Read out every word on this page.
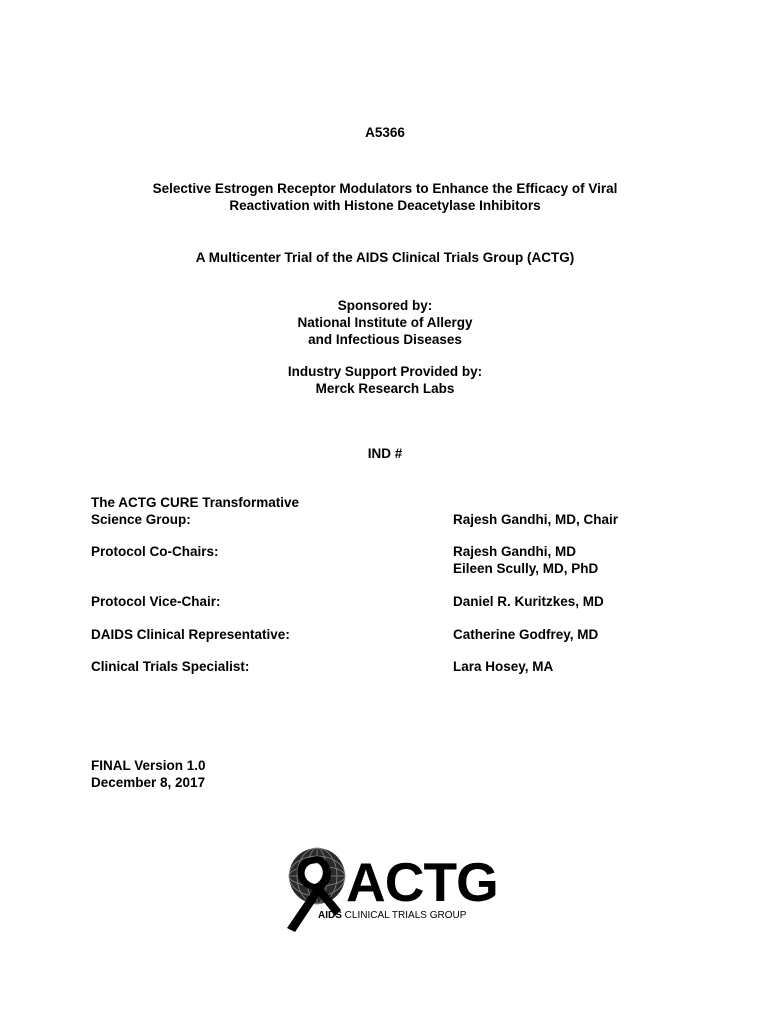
A5366
Selective Estrogen Receptor Modulators to Enhance the Efficacy of Viral
Reactivation with Histone Deacetylase Inhibitors
A Multicenter Trial of the AIDS Clinical Trials Group (ACTG)
Sponsored by:
National Institute of Allergy
and Infectious Diseases
Industry Support Provided by:
Merck Research Labs
IND #
The ACTG CURE Transformative
Science Group:	Rajesh Gandhi, MD, Chair
Protocol Co-Chairs:	Rajesh Gandhi, MD
Eileen Scully, MD, PhD
Protocol Vice-Chair:	Daniel R. Kuritzkes, MD
DAIDS Clinical Representative:	Catherine Godfrey, MD
Clinical Trials Specialist:	Lara Hosey, MA
FINAL Version 1.0
December 8, 2017
ACTG
AIDS CLINICAL TRIALS GROUP
